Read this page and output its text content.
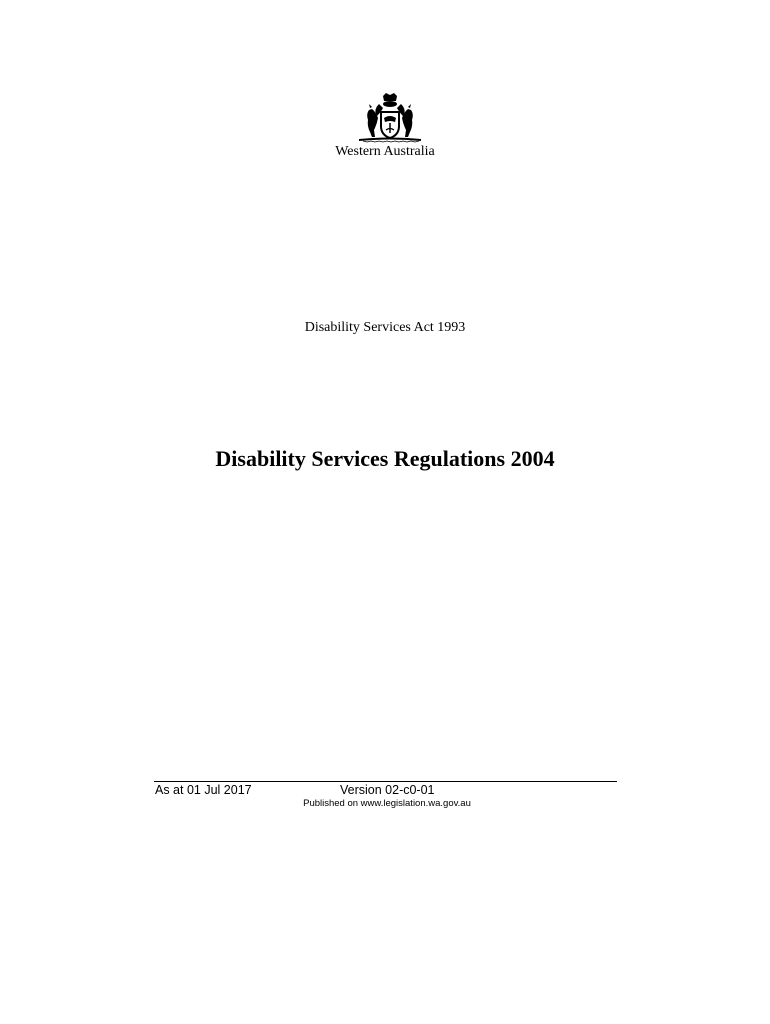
Western Australia
Disability Services Act 1993
Disability Services Regulations 2004
As at 01 Jul 2017	Version 02-c0-01
Published on www.legislation.wa.gov.au
